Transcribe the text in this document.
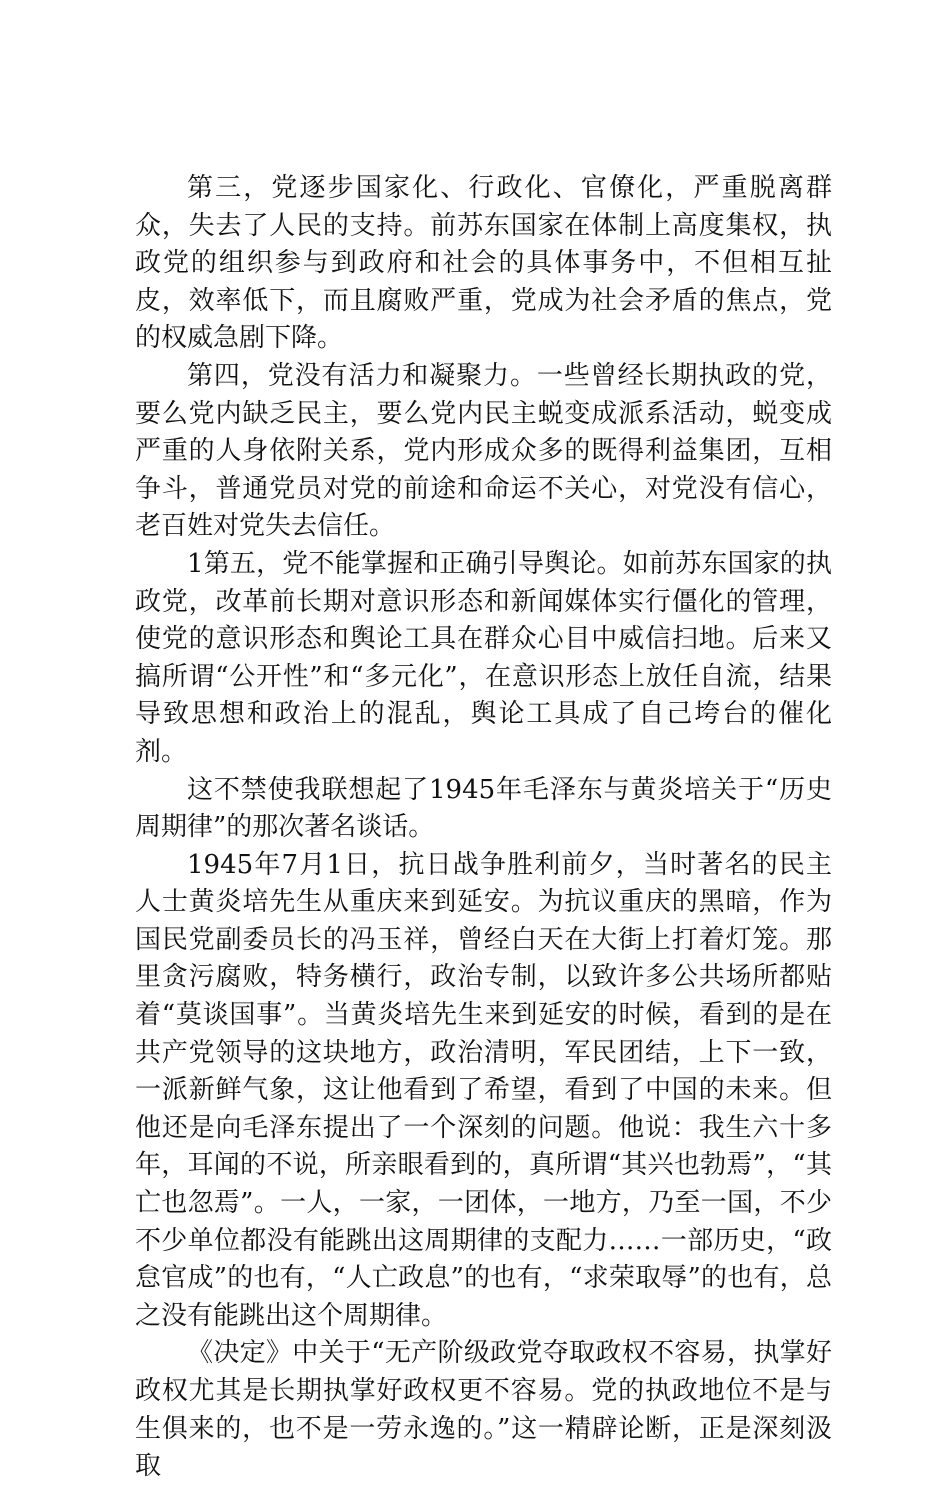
第三，党逐步国家化、行政化、官僚化，严重脱离群众，失去了人民的支持。前苏东国家在体制上高度集权，执政党的组织参与到政府和社会的具体事务中，不但相互扯皮，效率低下，而且腐败严重，党成为社会矛盾的焦点，党的权威急剧下降。

第四，党没有活力和凝聚力。一些曾经长期执政的党，要么党内缺乏民主，要么党内民主蜕变成派系活动，蜕变成严重的人身依附关系，党内形成众多的既得利益集团，互相争斗，普通党员对党的前途和命运不关心，对党没有信心，老百姓对党失去信任。

1第五，党不能掌握和正确引导舆论。如前苏东国家的执政党，改革前长期对意识形态和新闻媒体实行僵化的管理，使党的意识形态和舆论工具在群众心目中威信扫地。后来又搞所谓“公开性”和“多元化”，在意识形态上放任自流，结果导致思想和政治上的混乱，舆论工具成了自己垮台的催化剂。

这不禁使我联想起了1945年毛泽东与黄炎培关于“历史周期律”的那次著名谈话。

1945年7月1日，抗日战争胜利前夕，当时著名的民主人士黄炎培先生从重庆来到延安。为抗议重庆的黑暗，作为国民党副委员长的冯玉祥，曾经白天在大街上打着灯笼。那里贪污腐败，特务横行，政治专制，以致许多公共场所都贴着“莫谈国事”。当黄炎培先生来到延安的时候，看到的是在共产党领导的这块地方，政治清明，军民团结，上下一致，一派新鲜气象，这让他看到了希望，看到了中国的未来。但他还是向毛泽东提出了一个深刻的问题。他说：我生六十多年，耳闻的不说，所亲眼看到的，真所谓“其兴也勃焉”，“其亡也忽焉”。一人，一家，一团体，一地方，乃至一国，不少不少单位都没有能跳出这周期律的支配力……一部历史，“政怠官成”的也有，“人亡政息”的也有，“求荣取辱”的也有，总之没有能跳出这个周期律。

《决定》中关于“无产阶级政党夺取政权不容易，执掌好政权尤其是长期执掌好政权更不容易。党的执政地位不是与生俱来的，也不是一劳永逸的。”这一精辟论断，正是深刻汲取
